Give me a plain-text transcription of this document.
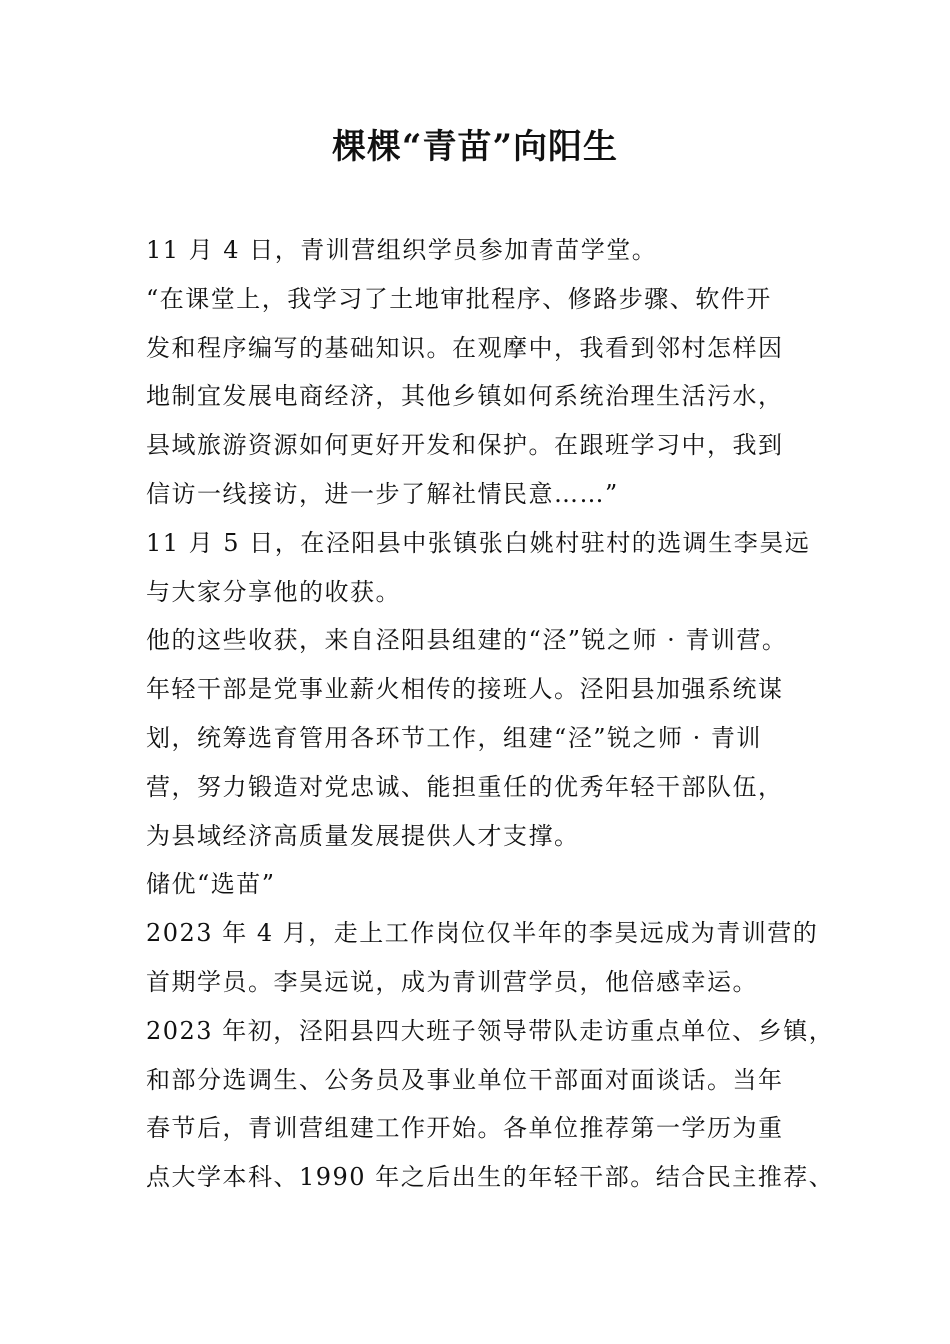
棵棵“青苗”向阳生
11 月 4 日，青训营组织学员参加青苗学堂。
“在课堂上，我学习了土地审批程序、修路步骤、软件开
发和程序编写的基础知识。在观摩中，我看到邻村怎样因
地制宜发展电商经济，其他乡镇如何系统治理生活污水，
县域旅游资源如何更好开发和保护。在跟班学习中，我到
信访一线接访，进一步了解社情民意……”
11 月 5 日，在泾阳县中张镇张白姚村驻村的选调生李昊远
与大家分享他的收获。
他的这些收获，来自泾阳县组建的“泾”锐之师 · 青训营。
年轻干部是党事业薪火相传的接班人。泾阳县加强系统谋
划，统筹选育管用各环节工作，组建“泾”锐之师 · 青训
营，努力锻造对党忠诚、能担重任的优秀年轻干部队伍，
为县域经济高质量发展提供人才支撑。
储优“选苗”
2023 年 4 月，走上工作岗位仅半年的李昊远成为青训营的
首期学员。李昊远说，成为青训营学员，他倍感幸运。
2023 年初，泾阳县四大班子领导带队走访重点单位、乡镇，
和部分选调生、公务员及事业单位干部面对面谈话。当年
春节后，青训营组建工作开始。各单位推荐第一学历为重
点大学本科、1990 年之后出生的年轻干部。结合民主推荐、
